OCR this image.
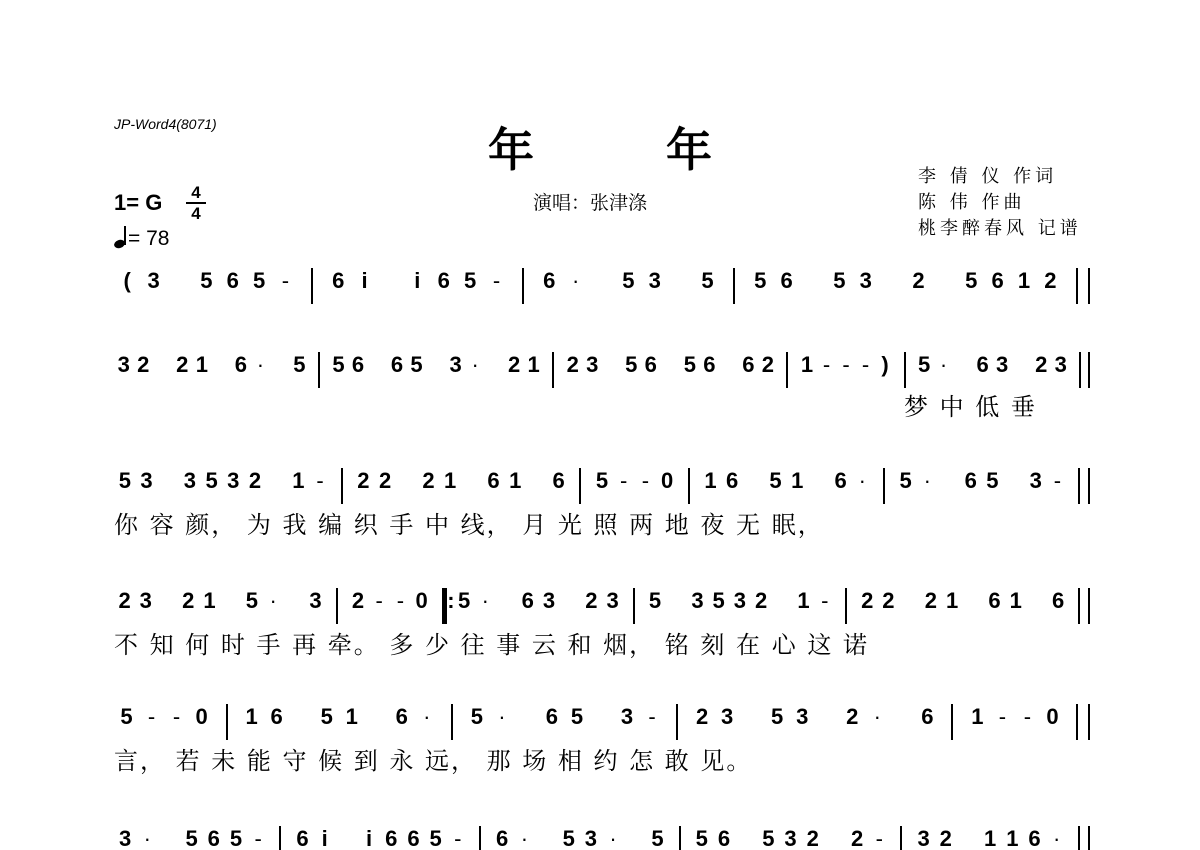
JP-Word4(8071)	年 年
演唱：张津涤
李 倩 仪 作词
陈 伟 作曲
桃李醉春风 记谱
1= G	4
4
= 78
( 3	5 6 5 -	6 i	i 6 5 -	6 ·	5 3	5	5 6	5 3	2	5 6 1 2
3 2 2 1 6 · 5 5 6 6 5 3 · 2 1 2 3 5 6 5 6 6 2 1 - - - ) 5 · 6 3 2 3
梦 中 低 垂
5 3 3 5 3 2 1 -	2 2 2 1 6 1 6 5 - - 0 1 6 5 1 6 ·	5 ·	6 5 3 -
你 容 颜， 为 我 编 织 手 中 线， 月 光 照 两 地 夜 无 眠，
2 3 2 1 5 ·	3 2 - - 0 : 5 ·	6 3 2 3 5 3 5 3 2 1 -	2 2 2 1 6 1 6
不 知 何 时 手 再 牵。 多 少 往 事 云 和 烟， 铭 刻 在 心 这 诺
5 - - 0 1 6 5 1 6 ·	5 ·	6 5 3 -	2 3 5 3 2 ·	6 1 - - 0
言， 若 未 能 守 候 到 永 远， 那 场 相 约 怎 敢 见。
3 ·	5 6 5 -	6 i	i 6 6 5 -	6 ·	5 3 ·	5 5 6 5 3 2 2 -	3 2 1 1 6 ·
